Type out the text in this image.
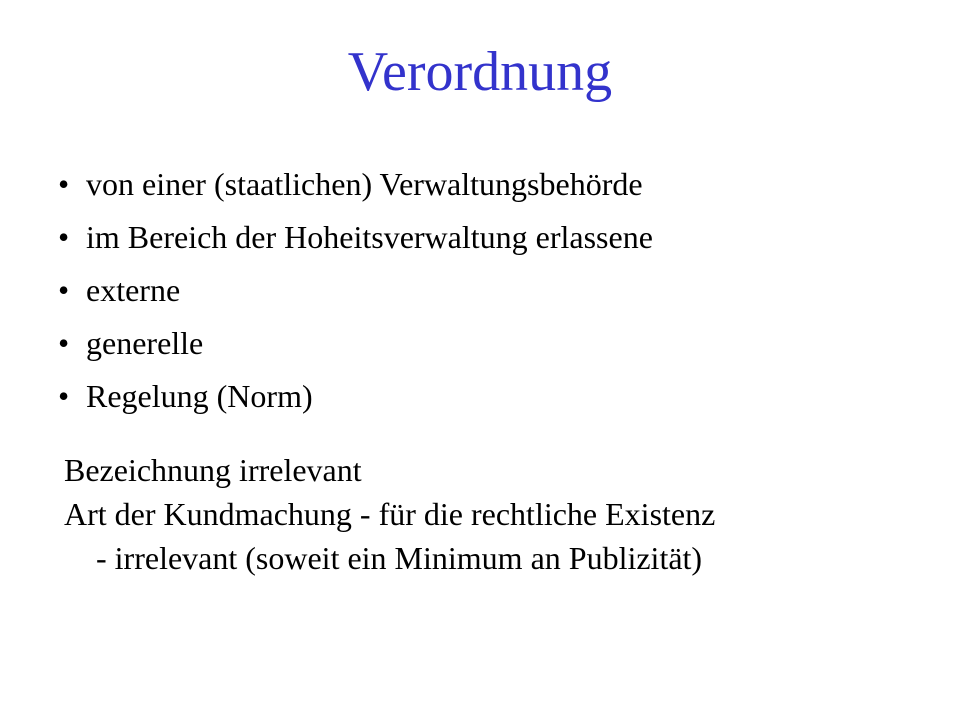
Verordnung
• von einer (staatlichen) Verwaltungsbehörde
• im Bereich der Hoheitsverwaltung erlassene
• externe
• generelle
• Regelung (Norm)
Bezeichnung irrelevant
Art der Kundmachung - für die rechtliche Existenz
- irrelevant (soweit ein Minimum an Publizität)
